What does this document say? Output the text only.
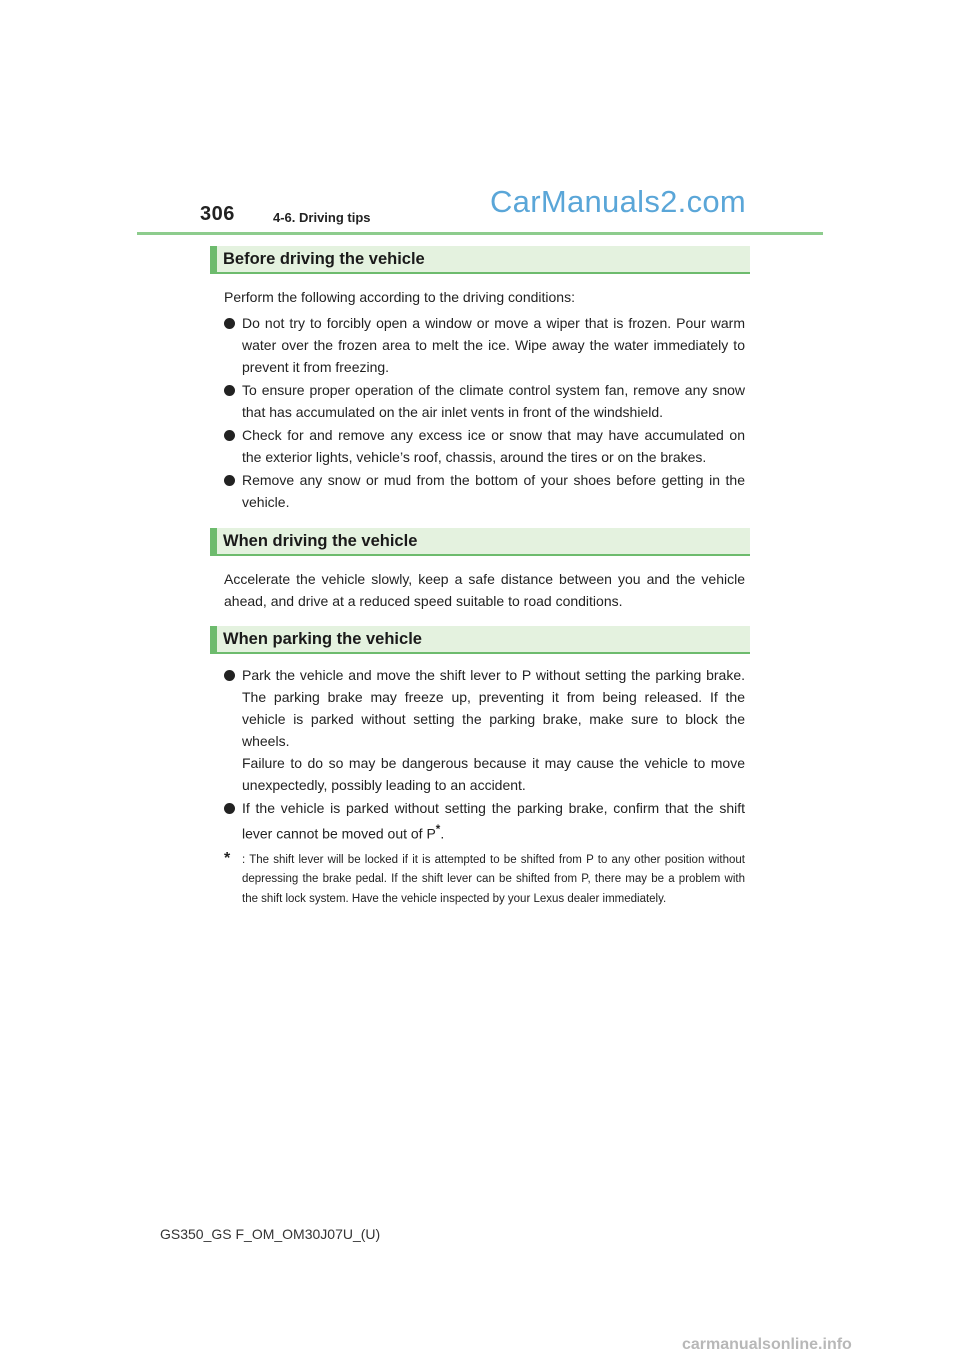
306	4-6. Driving tips	CarManuals2.com
Before driving the vehicle

Perform the following according to the driving conditions:

Do not try to forcibly open a window or move a wiper that is frozen. Pour warm water over the frozen area to melt the ice. Wipe away the water immediately to prevent it from freezing.
To ensure proper operation of the climate control system fan, remove any snow that has accumulated on the air inlet vents in front of the windshield.
Check for and remove any excess ice or snow that may have accumulated on the exterior lights, vehicle’s roof, chassis, around the tires or on the brakes.
Remove any snow or mud from the bottom of your shoes before getting in the vehicle.
When driving the vehicle

Accelerate the vehicle slowly, keep a safe distance between you and the vehicle ahead, and drive at a reduced speed suitable to road conditions.

When parking the vehicle
Park the vehicle and move the shift lever to P without setting the parking brake. The parking brake may freeze up, preventing it from being released. If the vehicle is parked without setting the parking brake, make sure to block the wheels.
Failure to do so may be dangerous because it may cause the vehicle to move unexpectedly, possibly leading to an accident.
If the vehicle is parked without setting the parking brake, confirm that the shift lever cannot be moved out of P*.
* : The shift lever will be locked if it is attempted to be shifted from P to any other position without depressing the brake pedal. If the shift lever can be shifted from P, there may be a problem with the shift lock system. Have the vehicle inspected by your Lexus dealer immediately.
GS350_GS F_OM_OM30J07U_(U)
carmanualsonline.info
